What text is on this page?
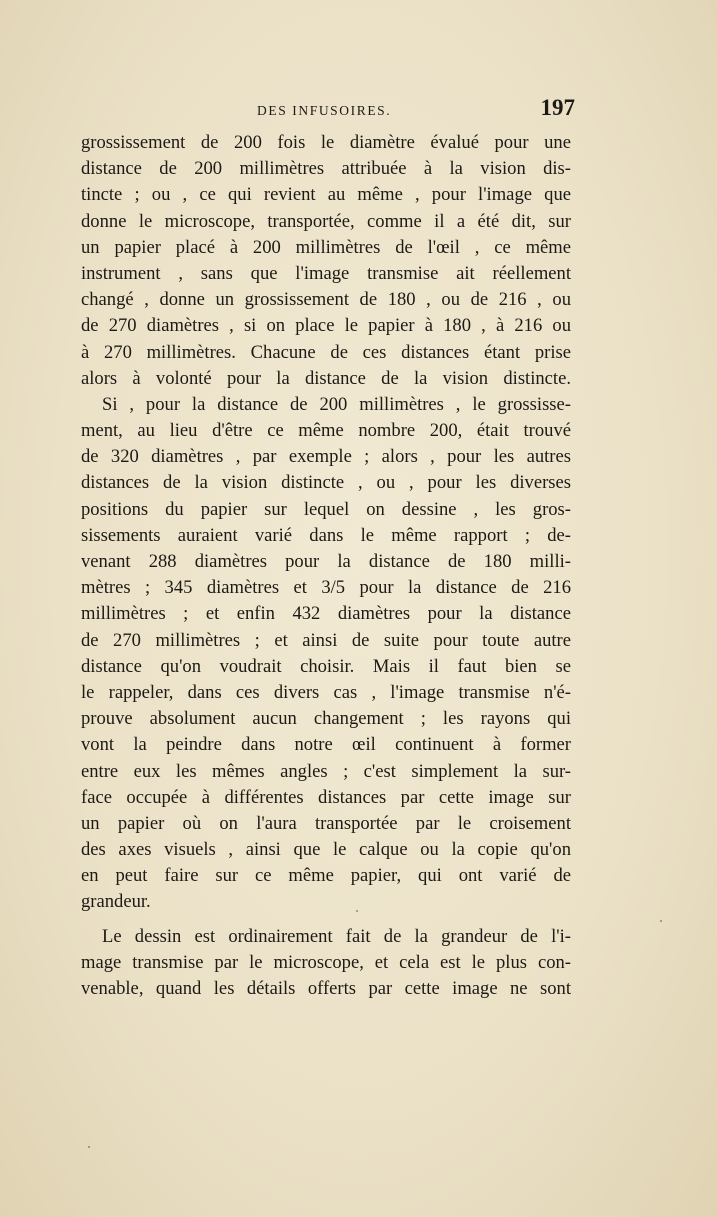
DES INFUSOIRES.	197
grossissement de 200 fois le diamètre évalué pour une
distance de 200 millimètres attribuée à la vision dis-
tincte ; ou , ce qui revient au même , pour l'image que
donne le microscope, transportée, comme il a été dit, sur
un papier placé à 200 millimètres de l'œil , ce même
instrument , sans que l'image transmise ait réellement
changé , donne un grossissement de 180 , ou de 216 , ou
de 270 diamètres , si on place le papier à 180 , à 216 ou
à 270 millimètres. Chacune de ces distances étant prise
alors à volonté pour la distance de la vision distincte.
Si , pour la distance de 200 millimètres , le grossisse-
ment, au lieu d'être ce même nombre 200, était trouvé
de 320 diamètres , par exemple ; alors , pour les autres
distances de la vision distincte , ou , pour les diverses
positions du papier sur lequel on dessine , les gros-
sissements auraient varié dans le même rapport ; de-
venant 288 diamètres pour la distance de 180 milli-
mètres ; 345 diamètres et 3/5 pour la distance de 216
millimètres ; et enfin 432 diamètres pour la distance
de 270 millimètres ; et ainsi de suite pour toute autre
distance qu'on voudrait choisir. Mais il faut bien se
le rappeler, dans ces divers cas , l'image transmise n'é-
prouve absolument aucun changement ; les rayons qui
vont la peindre dans notre œil continuent à former
entre eux les mêmes angles ; c'est simplement la sur-
face occupée à différentes distances par cette image sur
un papier où on l'aura transportée par le croisement
des axes visuels , ainsi que le calque ou la copie qu'on
en peut faire sur ce même papier, qui ont varié de
grandeur.
Le dessin est ordinairement fait de la grandeur de l'i-
mage transmise par le microscope, et cela est le plus con-
venable, quand les détails offerts par cette image ne sont
